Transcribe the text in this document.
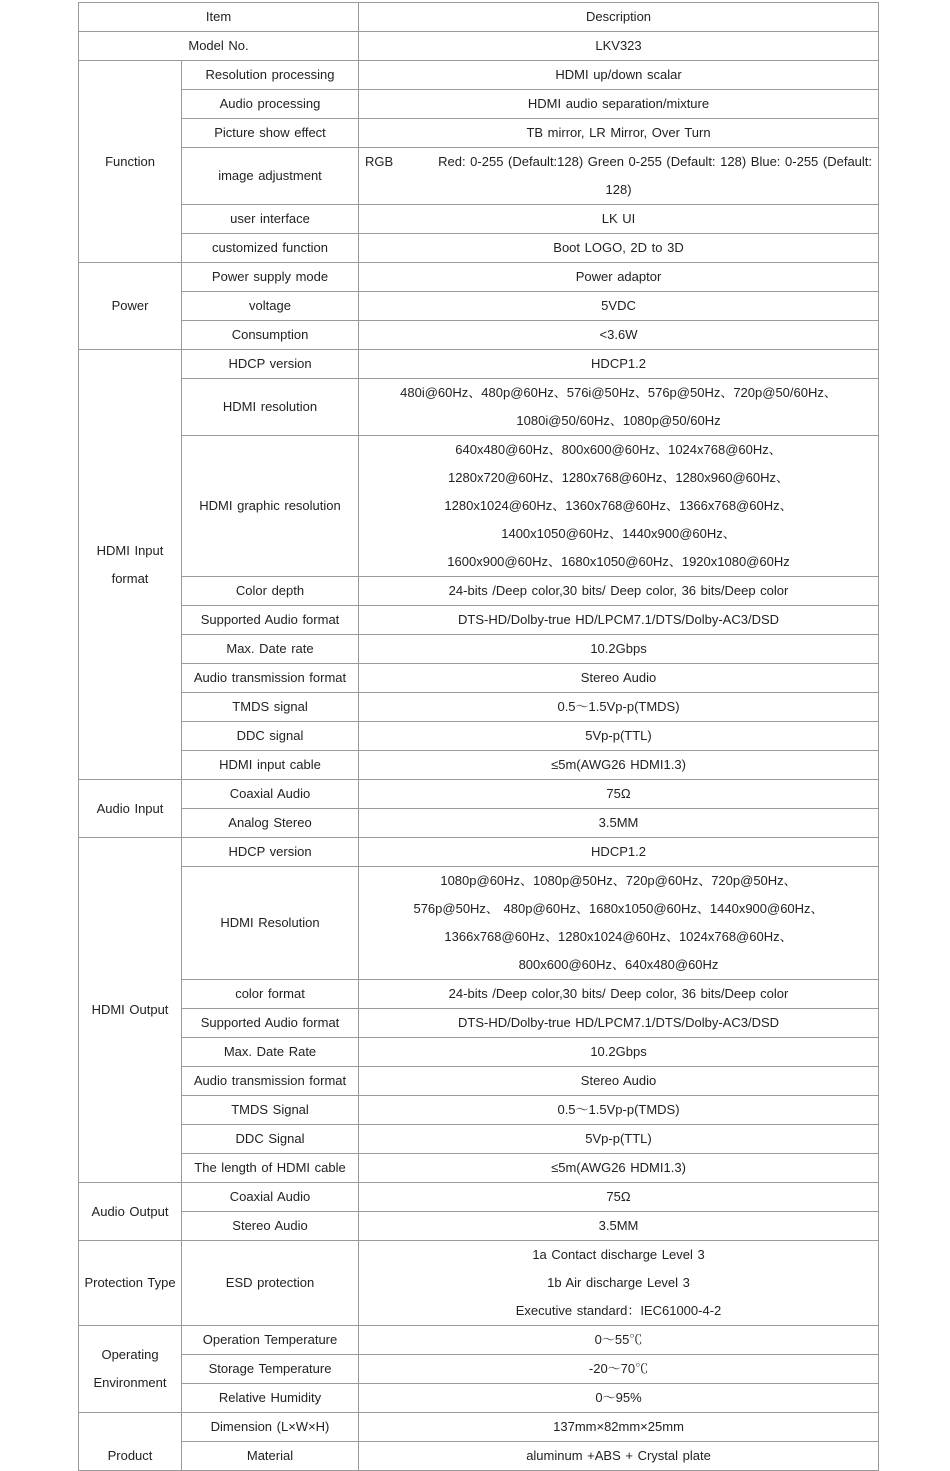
Item		Description
Model No.		LKV323
Function	Resolution processing	HDMI up/down scalar
	Audio processing	HDMI audio separation/mixture
	Picture show effect	TB mirror, LR Mirror, Over Turn
	image adjustment	RGB Red: 0-255 (Default:128) Green 0-255 (Default: 128) Blue: 0-255 (Default:
128)

	user interface	LK UI
	customized function	Boot LOGO, 2D to 3D
Power	Power supply mode	Power adaptor
	voltage	5VDC
	Consumption	<3.6W

HDMI Input
format	HDCP version	HDCP1.2
	HDMI resolution	480i@60Hz、480p@60Hz、576i@50Hz、576p@50Hz、720p@50/60Hz、
1080i@50/60Hz、1080p@50/60Hz

	HDMI graphic resolution	640x480@60Hz、800x600@60Hz、1024x768@60Hz、
1280x720@60Hz、1280x768@60Hz、1280x960@60Hz、
1280x1024@60Hz、1360x768@60Hz、1366x768@60Hz、
1400x1050@60Hz、1440x900@60Hz、
1600x900@60Hz、1680x1050@60Hz、1920x1080@60Hz

	Color depth	24-bits /Deep color,30 bits/ Deep color, 36 bits/Deep color
	Supported Audio format	DTS-HD/Dolby-true HD/LPCM7.1/DTS/Dolby-AC3/DSD
	Max. Date rate	10.2Gbps
	Audio transmission format	Stereo Audio
	TMDS signal	0.5～1.5Vp-p(TMDS)
	DDC signal	5Vp-p(TTL)
	HDMI input cable	≤5m(AWG26 HDMI1.3)
Audio Input	Coaxial Audio	75Ω
	Analog Stereo	3.5MM
HDMI Output	HDCP version	HDCP1.2
	HDMI Resolution	1080p@60Hz、1080p@50Hz、720p@60Hz、720p@50Hz、
576p@50Hz、 480p@60Hz、1680x1050@60Hz、1440x900@60Hz、
1366x768@60Hz、1280x1024@60Hz、1024x768@60Hz、
800x600@60Hz、640x480@60Hz

	color format	24-bits /Deep color,30 bits/ Deep color, 36 bits/Deep color
	Supported Audio format	DTS-HD/Dolby-true HD/LPCM7.1/DTS/Dolby-AC3/DSD
	Max. Date Rate	10.2Gbps
	Audio transmission format	Stereo Audio
	TMDS Signal	0.5～1.5Vp-p(TMDS)
	DDC Signal	5Vp-p(TTL)
	The length of HDMI cable	≤5m(AWG26 HDMI1.3)
Audio Output	Coaxial Audio	75Ω
	Stereo Audio	3.5MM
Protection Type	ESD protection	1a Contact discharge Level 3
1b Air discharge Level 3
Executive standard：IEC61000-4-2

Operating
Environment	Operation Temperature	0～55℃
	Storage Temperature	-20～70℃
	Relative Humidity	0～95%
Product	Dimension (L×W×H)	137mm×82mm×25mm
	Material	aluminum +ABS + Crystal plate
